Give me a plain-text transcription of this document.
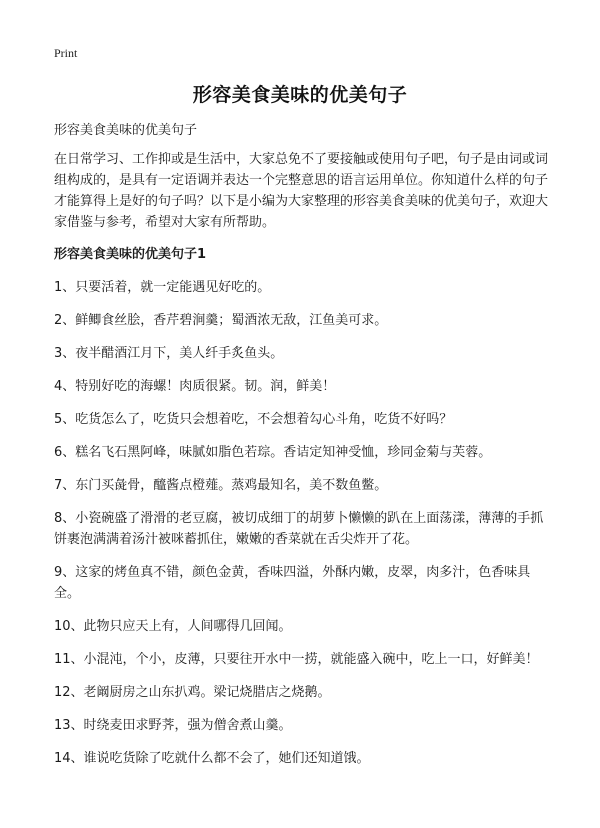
Print
形容美食美味的优美句子

形容美食美味的优美句子

在日常学习、工作抑或是生活中，大家总免不了要接触或使用句子吧，句子是由词或词组构成的，是具有一定语调并表达一个完整意思的语言运用单位。你知道什么样的句子才能算得上是好的句子吗？以下是小编为大家整理的形容美食美味的优美句子，欢迎大家借鉴与参考，希望对大家有所帮助。

形容美食美味的优美句子1

1、只要活着，就一定能遇见好吃的。
2、鲜鲫食丝脍，香芹碧涧羹；蜀酒浓无敌，江鱼美可求。
3、夜半醋酒江月下，美人纤手炙鱼头。
4、特别好吃的海螺！肉质很紧。韧。润，鲜美！
5、吃货怎么了，吃货只会想着吃，不会想着勾心斗角，吃货不好吗？
6、糕名飞石黑阿峰，味腻如脂色若琮。香诘定知神受恤，珍同金菊与芙蓉。
7、东门买彘骨，醯酱点橙薤。蒸鸡最知名，美不数鱼鳖。
8、小瓷碗盛了滑滑的老豆腐，被切成细丁的胡萝卜懒懒的趴在上面荡漾，薄薄的手抓饼裹泡满满着汤汁被咪蓄抓住，嫩嫩的香菜就在舌尖炸开了花。
9、这家的烤鱼真不错，颜色金黄，香味四溢，外酥内嫩，皮翠，肉多汁，色香味具全。
10、此物只应天上有，人间哪得几回闻。
11、小混沌，个小，皮薄，只要往开水中一捞，就能盛入碗中，吃上一口，好鲜美！
12、老阚厨房之山东扒鸡。梁记烧腊店之烧鹅。
13、时绕麦田求野荠，强为僧舍煮山羹。
14、谁说吃货除了吃就什么都不会了，她们还知道饿。
